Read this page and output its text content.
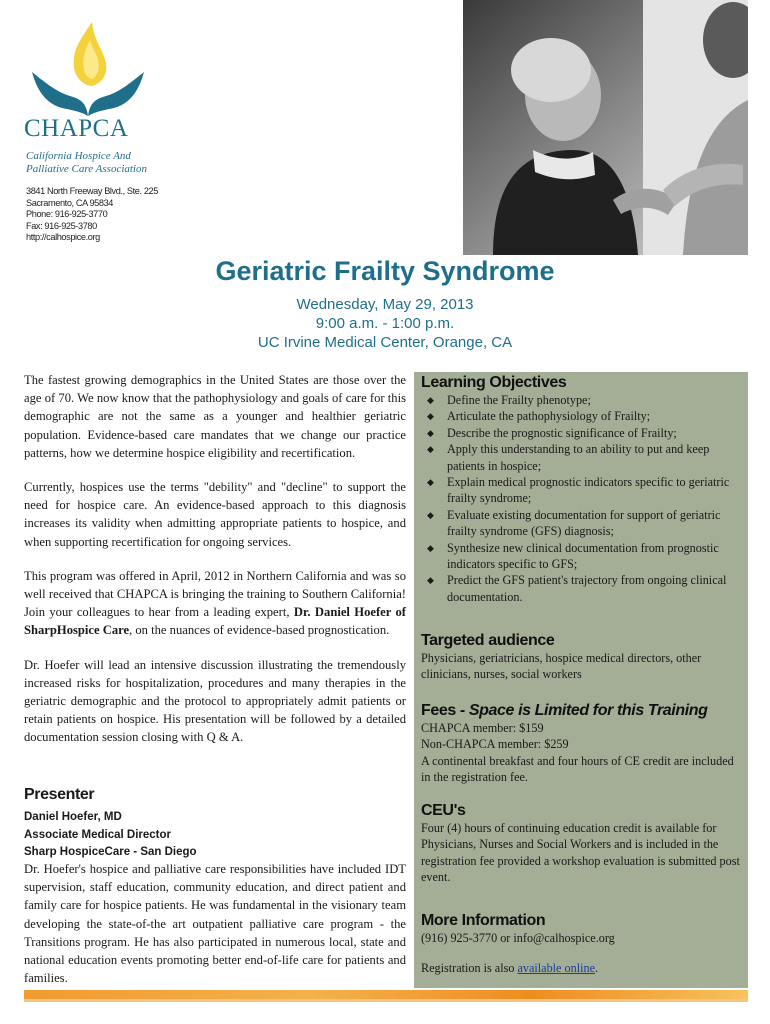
CHAPCA
California Hospice And
Palliative Care Association
3841 North Freeway Blvd., Ste. 225
Sacramento, CA 95834
Phone: 916-925-3770
Fax: 916-925-3780
http://calhospice.org
Geriatric Frailty Syndrome
Wednesday, May 29, 2013
9:00 a.m. - 1:00 p.m.
UC Irvine Medical Center, Orange, CA

The fastest growing demographics in the United States are those over the age of 70. We now know that the pathophysiology and goals of care for this demographic are not the same as a younger and healthier geriatric population. Evidence-based care mandates that we change our practice patterns, how we determine hospice eligibility and recertification.

Currently, hospices use the terms "debility" and "decline" to support the need for hospice care. An evidence-based approach to this diagnosis increases its validity when admitting appropriate patients to hospice, and when supporting recertification for ongoing services.

This program was offered in April, 2012 in Northern California and was so well received that CHAPCA is bringing the training to Southern California! Join your colleagues to hear from a leading expert, Dr. Daniel Hoefer of SharpHospice Care, on the nuances of evidence-based prognostication.

Dr. Hoefer will lead an intensive discussion illustrating the tremendously increased risks for hospitalization, procedures and many therapies in the geriatric demographic and the protocol to appropriately admit patients or retain patients on hospice. His presentation will be followed by a detailed documentation session closing with Q & A.

Presenter
Daniel Hoefer, MD
Associate Medical Director
Sharp HospiceCare - San Diego
Dr. Hoefer's hospice and palliative care responsibilities have included IDT supervision, staff education, community education, and direct patient and family care for hospice patients. He was fundamental in the visionary team developing the state-of-the art outpatient palliative care program - the Transitions program. He has also participated in numerous local, state and national education events promoting better end-of-life care for patients and families.
Learning Objectives
◆ Define the Frailty phenotype;
◆ Articulate the pathophysiology of Frailty;
◆ Describe the prognostic significance of Frailty;
◆ Apply this understanding to an ability to put and keep patients in hospice;
◆ Explain medical prognostic indicators specific to geriatric frailty syndrome;
◆ Evaluate existing documentation for support of geriatric frailty syndrome (GFS) diagnosis;
◆ Synthesize new clinical documentation from prognostic indicators specific to GFS;
◆ Predict the GFS patient's trajectory from ongoing clinical documentation.
Targeted audience
Physicians, geriatricians, hospice medical directors, other clinicians, nurses, social workers
Fees - Space is Limited for this Training
CHAPCA member: $159
Non-CHAPCA member: $259
A continental breakfast and four hours of CE credit are included in the registration fee.
CEU's
Four (4) hours of continuing education credit is available for Physicians, Nurses and Social Workers and is included in the registration fee provided a workshop evaluation is submitted post event.
More Information
(916) 925-3770 or info@calhospice.org
Registration is also available online.
